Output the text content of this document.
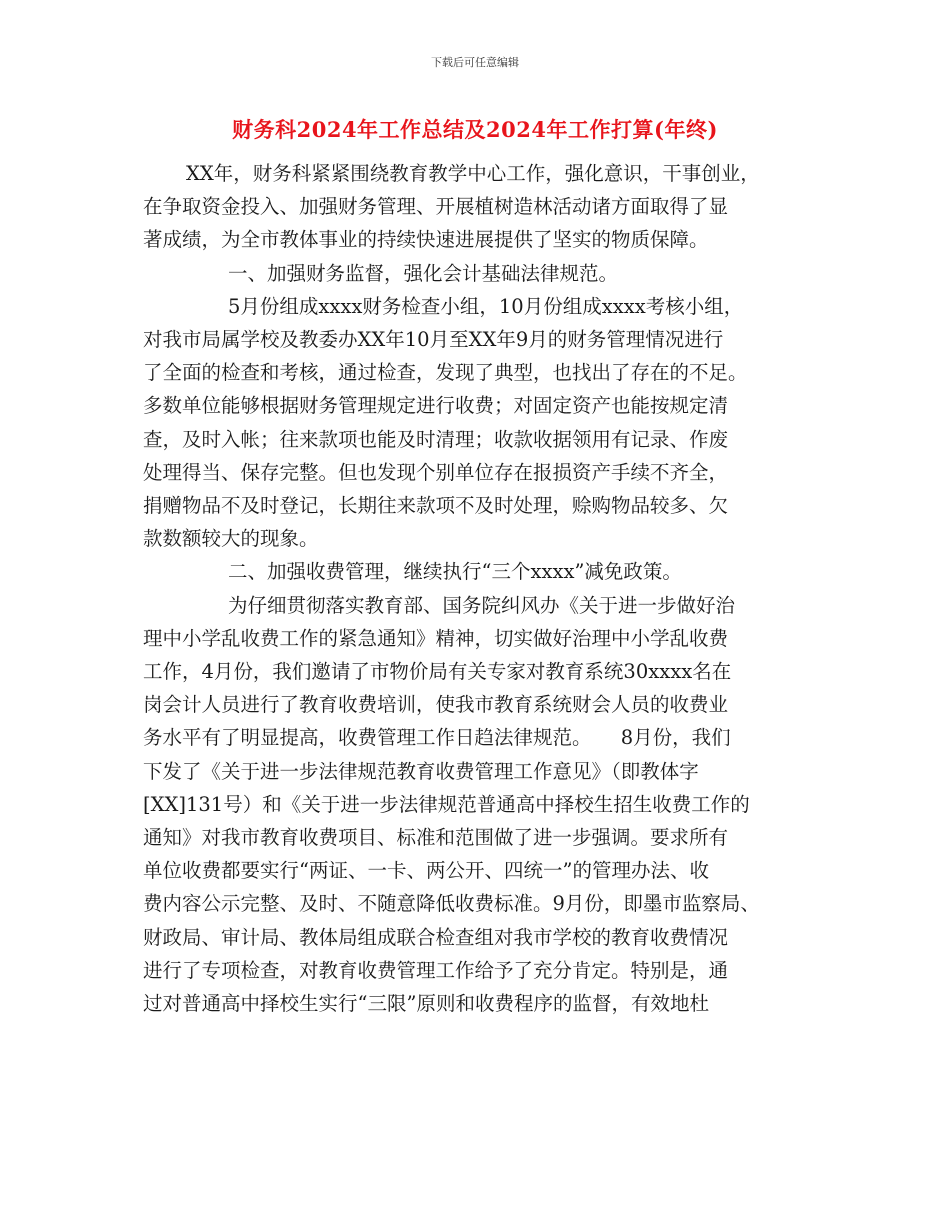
下载后可任意编辑
财务科2024年工作总结及2024年工作打算(年终)
XX年，财务科紧紧围绕教育教学中心工作，强化意识，干事创业，
在争取资金投入、加强财务管理、开展植树造林活动诸方面取得了显
著成绩，为全市教体事业的持续快速进展提供了坚实的物质保障。
一、加强财务监督，强化会计基础法律规范。
5月份组成xxxx财务检查小组，10月份组成xxxx考核小组，
对我市局属学校及教委办XX年10月至XX年9月的财务管理情况进行
了全面的检查和考核，通过检查，发现了典型，也找出了存在的不足。
多数单位能够根据财务管理规定进行收费；对固定资产也能按规定清
查，及时入帐；往来款项也能及时清理；收款收据领用有记录、作废
处理得当、保存完整。但也发现个别单位存在报损资产手续不齐全，
捐赠物品不及时登记，长期往来款项不及时处理，赊购物品较多、欠
款数额较大的现象。
二、加强收费管理，继续执行“三个xxxx”减免政策。
为仔细贯彻落实教育部、国务院纠风办《关于进一步做好治
理中小学乱收费工作的紧急通知》精神，切实做好治理中小学乱收费
工作，4月份，我们邀请了市物价局有关专家对教育系统30xxxx名在
岗会计人员进行了教育收费培训，使我市教育系统财会人员的收费业
务水平有了明显提高，收费管理工作日趋法律规范。　　8月份，我们
下发了《关于进一步法律规范教育收费管理工作意见》（即教体字
[XX]131号）和《关于进一步法律规范普通高中择校生招生收费工作的
通知》对我市教育收费项目、标准和范围做了进一步强调。要求所有
单位收费都要实行“两证、一卡、两公开、四统一”的管理办法、收
费内容公示完整、及时、不随意降低收费标准。9月份，即墨市监察局、
财政局、审计局、教体局组成联合检查组对我市学校的教育收费情况
进行了专项检查，对教育收费管理工作给予了充分肯定。特别是，通
过对普通高中择校生实行“三限”原则和收费程序的监督，有效地杜
